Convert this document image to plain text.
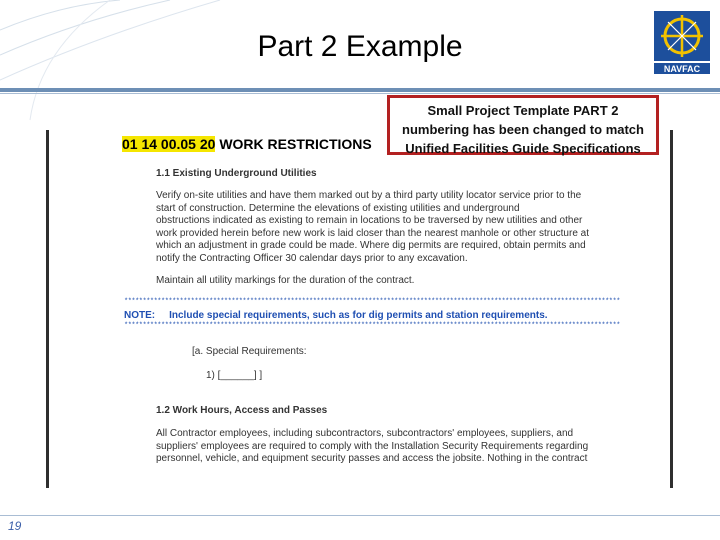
Part 2 Example
NAVFAC
01 14 00.05 20 WORK RESTRICTIONS
Small Project Template PART 2
numbering has been changed to match
Unified Facilities Guide Specifications
1.1 Existing Underground Utilities
Verify on-site utilities and have them marked out by a third party utility locator service prior to the
start of construction. Determine the elevations of existing utilities and underground
obstructions indicated as existing to remain in locations to be traversed by new utilities and other
work provided herein before new work is laid closer than the nearest manhole or other structure at
which an adjustment in grade could be made. Where dig permits are required, obtain permits and
notify the Contracting Officer 30 calendar days prior to any excavation.
Maintain all utility markings for the duration of the contract.
**************************************************************************************************************************************
NOTE: Include special requirements, such as for dig permits and station requirements.
**************************************************************************************************************************************
[a. Special Requirements:
1) [______] ]
1.2 Work Hours, Access and Passes
All Contractor employees, including subcontractors, subcontractors' employees, suppliers, and
suppliers' employees are required to comply with the Installation Security Requirements regarding
personnel, vehicle, and equipment security passes and access the jobsite. Nothing in the contract
19
